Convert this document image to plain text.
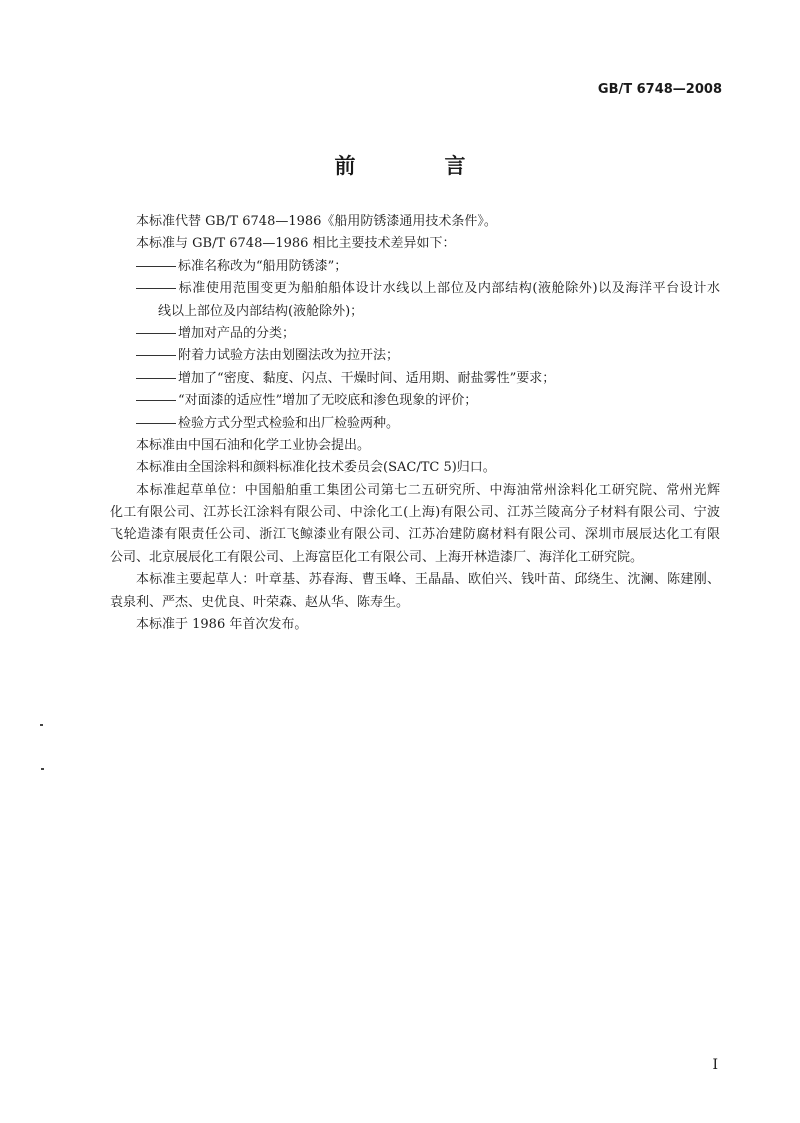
GB/T 6748—2008
前　言
本标准代替 GB/T 6748—1986《船用防锈漆通用技术条件》。
本标准与 GB/T 6748—1986 相比主要技术差异如下：
标准名称改为“船用防锈漆”；
标准使用范围变更为船舶船体设计水线以上部位及内部结构(液舱除外)以及海洋平台设计水
线以上部位及内部结构(液舱除外)；
增加对产品的分类；
附着力试验方法由划圈法改为拉开法；
增加了“密度、黏度、闪点、干燥时间、适用期、耐盐雾性”要求；
“对面漆的适应性”增加了无咬底和渗色现象的评价；
检验方式分型式检验和出厂检验两种。
本标准由中国石油和化学工业协会提出。
本标准由全国涂料和颜料标准化技术委员会(SAC/TC 5)归口。
本标准起草单位：中国船舶重工集团公司第七二五研究所、中海油常州涂料化工研究院、常州光辉
化工有限公司、江苏长江涂料有限公司、中涂化工(上海)有限公司、江苏兰陵高分子材料有限公司、宁波
飞轮造漆有限责任公司、浙江飞鲸漆业有限公司、江苏冶建防腐材料有限公司、深圳市展辰达化工有限
公司、北京展辰化工有限公司、上海富臣化工有限公司、上海开林造漆厂、海洋化工研究院。
本标准主要起草人：叶章基、苏春海、曹玉峰、王晶晶、欧伯兴、钱叶苗、邱绕生、沈澜、陈建刚、
袁泉利、严杰、史优良、叶荣森、赵从华、陈寿生。
本标准于 1986 年首次发布。
I
